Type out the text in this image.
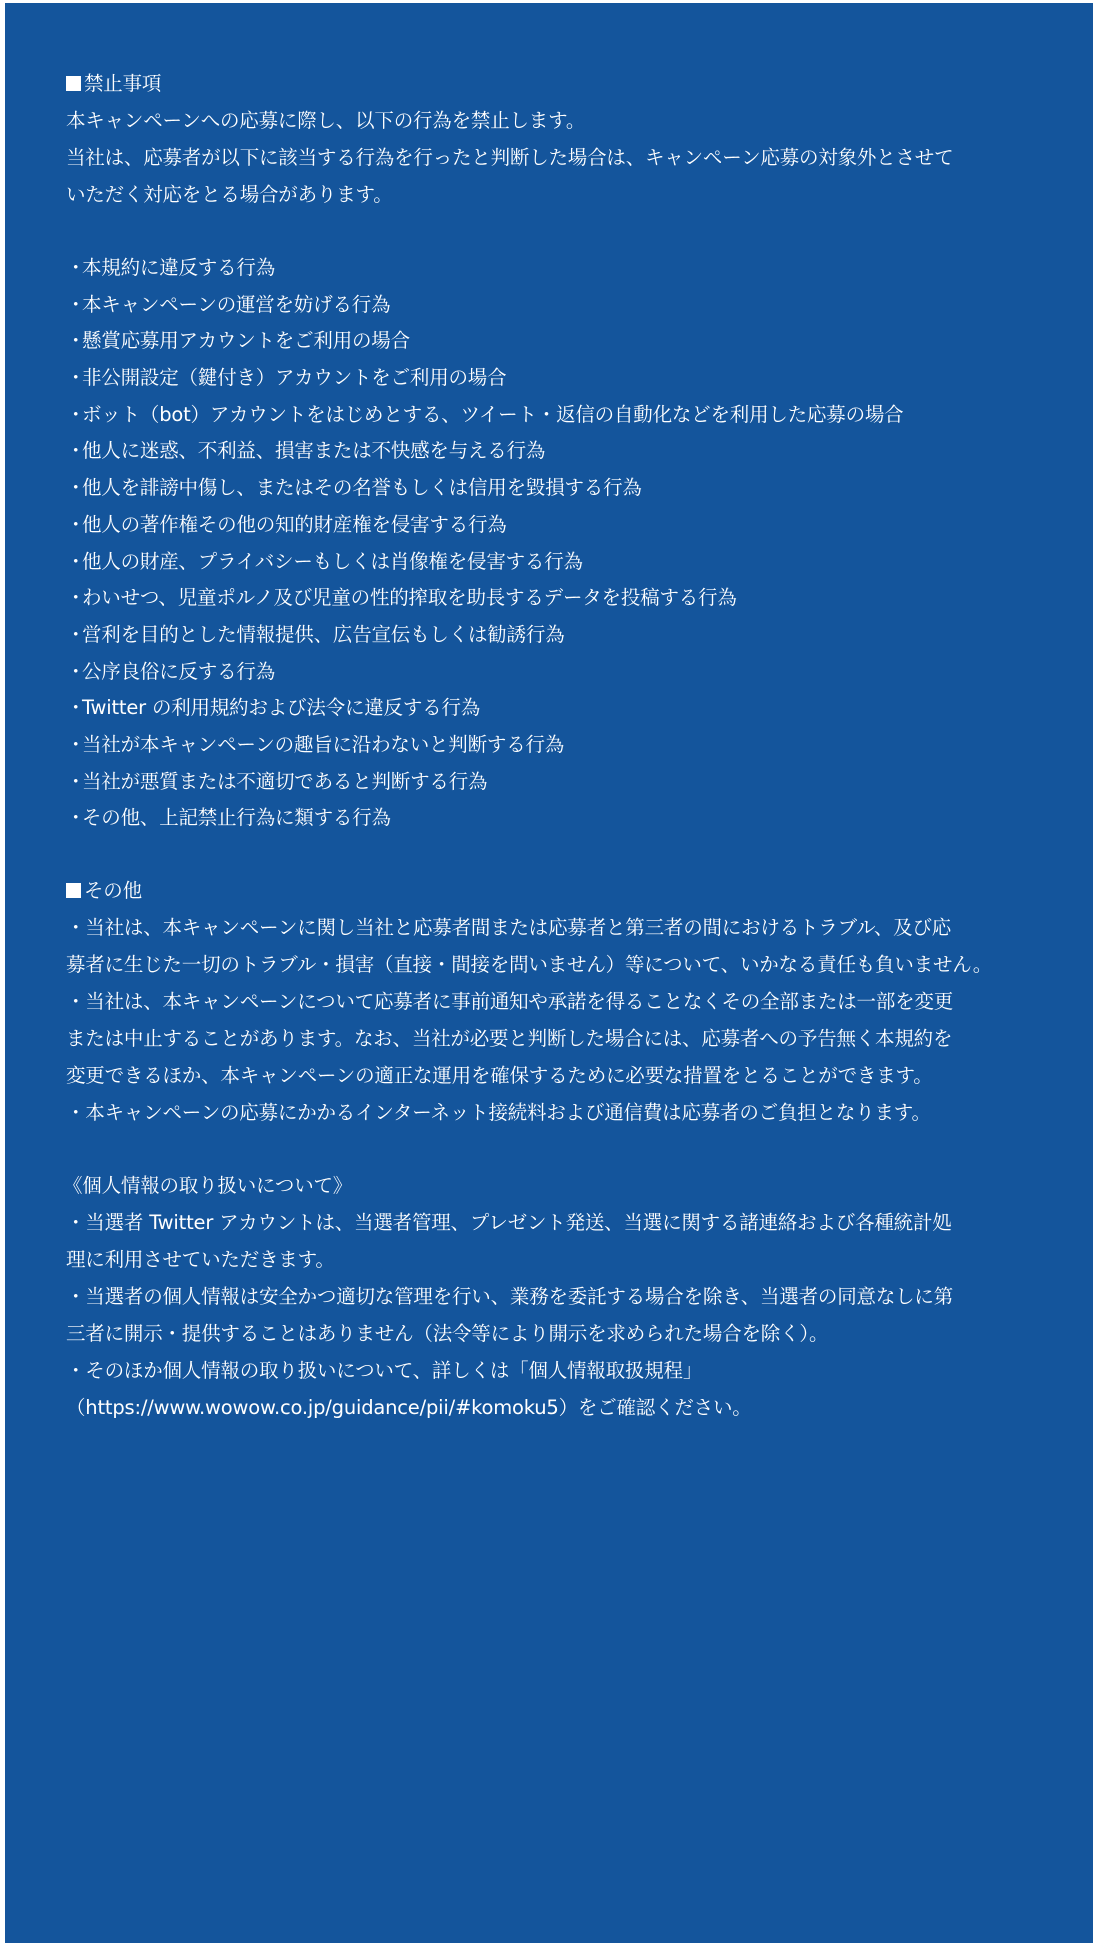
禁止事項
本キャンペーンへの応募に際し、以下の行為を禁止します。
当社は、応募者が以下に該当する行為を行ったと判断した場合は、キャンペーン応募の対象外とさせて
いただく対応をとる場合があります。
・本規約に違反する行為
・本キャンペーンの運営を妨げる行為
・懸賞応募用アカウントをご利用の場合
・非公開設定（鍵付き）アカウントをご利用の場合
・ボット（bot）アカウントをはじめとする、ツイート・返信の自動化などを利用した応募の場合
・他人に迷惑、不利益、損害または不快感を与える行為
・他人を誹謗中傷し、またはその名誉もしくは信用を毀損する行為
・他人の著作権その他の知的財産権を侵害する行為
・他人の財産、プライバシーもしくは肖像権を侵害する行為
・わいせつ、児童ポルノ及び児童の性的搾取を助長するデータを投稿する行為
・営利を目的とした情報提供、広告宣伝もしくは勧誘行為
・公序良俗に反する行為
・Twitter の利用規約および法令に違反する行為
・当社が本キャンペーンの趣旨に沿わないと判断する行為
・当社が悪質または不適切であると判断する行為
・その他、上記禁止行為に類する行為
その他
・当社は、本キャンペーンに関し当社と応募者間または応募者と第三者の間におけるトラブル、及び応
募者に生じた一切のトラブル・損害（直接・間接を問いません）等について、いかなる責任も負いません。
・当社は、本キャンペーンについて応募者に事前通知や承諾を得ることなくその全部または一部を変更
または中止することがあります。なお、当社が必要と判断した場合には、応募者への予告無く本規約を
変更できるほか、本キャンペーンの適正な運用を確保するために必要な措置をとることができます。
・本キャンペーンの応募にかかるインターネット接続料および通信費は応募者のご負担となります。
《個人情報の取り扱いについて》
・当選者 Twitter アカウントは、当選者管理、プレゼント発送、当選に関する諸連絡および各種統計処
理に利用させていただきます。
・当選者の個人情報は安全かつ適切な管理を行い、業務を委託する場合を除き、当選者の同意なしに第
三者に開示・提供することはありません（法令等により開示を求められた場合を除く）。
・そのほか個人情報の取り扱いについて、詳しくは「個人情報取扱規程」
（https://www.wowow.co.jp/guidance/pii/#komoku5）をご確認ください。
